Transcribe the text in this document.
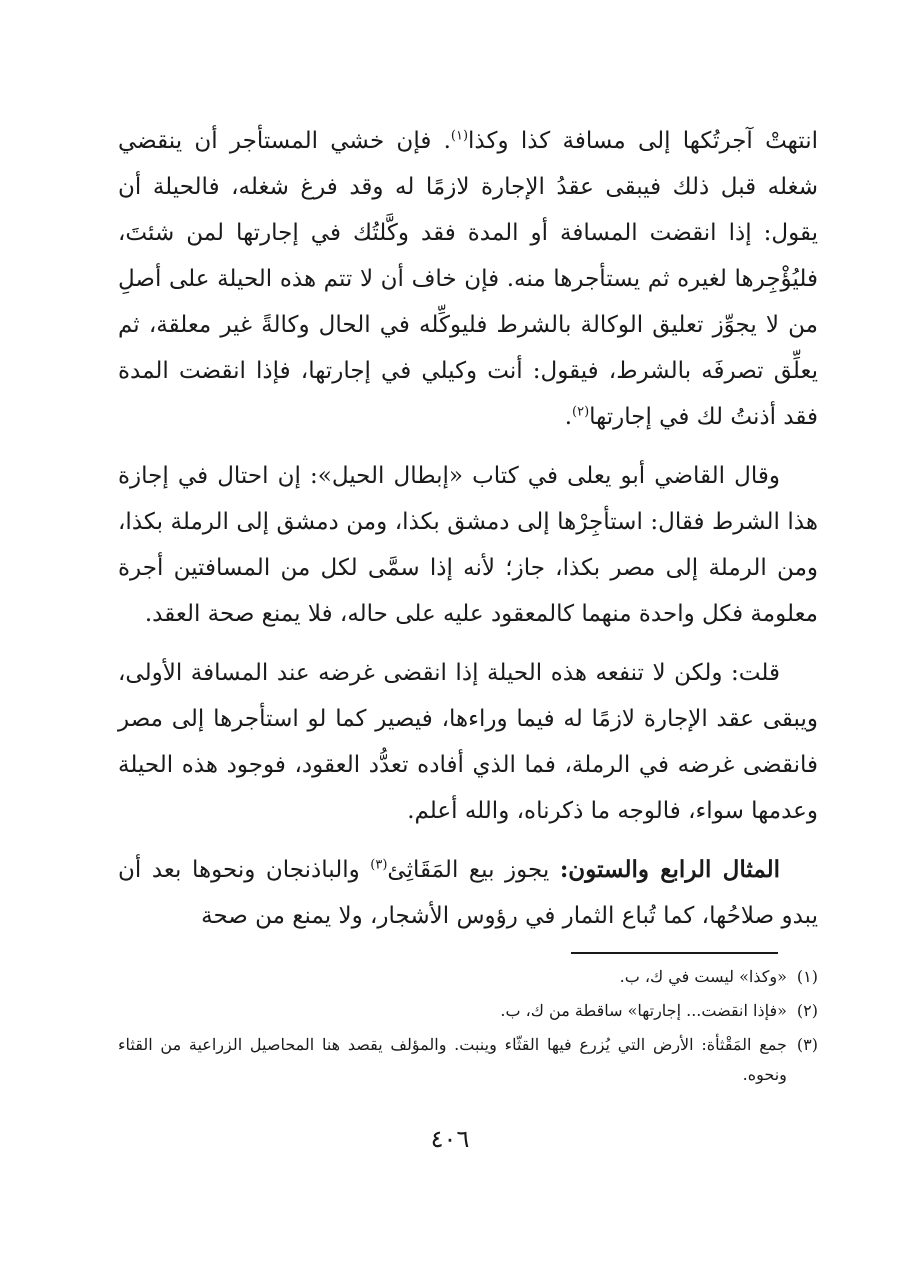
انتهتْ آجرتُكها إلى مسافة كذا وكذا$^{(١)}$. فإن خشي المستأجر أن ينقضي شغله قبل ذلك فيبقى عقدُ الإجارة لازمًا له وقد فرغ شغله، فالحيلة أن يقول: إذا انقضت المسافة أو المدة فقد وكَّلتُك في إجارتها لمن شئتَ، فليُؤْجِرها لغيره ثم يستأجرها منه. فإن خاف أن لا تتم هذه الحيلة على أصلِ من لا يجوِّز تعليق الوكالة بالشرط فليوكِّله في الحال وكالةً غير معلقة، ثم يعلِّق تصرفَه بالشرط، فيقول: أنت وكيلي في إجارتها، فإذا انقضت المدة فقد أذنتُ لك في إجارتها$^{(٢)}$.

وقال القاضي أبو يعلى في كتاب «إبطال الحيل»: إن احتال في إجازة هذا الشرط فقال: استأجِرْها إلى دمشق بكذا، ومن دمشق إلى الرملة بكذا، ومن الرملة إلى مصر بكذا، جاز؛ لأنه إذا سمَّى لكل من المسافتين أجرة معلومة فكل واحدة منهما كالمعقود عليه على حاله، فلا يمنع صحة العقد.

قلت: ولكن لا تنفعه هذه الحيلة إذا انقضى غرضه عند المسافة الأولى، ويبقى عقد الإجارة لازمًا له فيما وراءها، فيصير كما لو استأجرها إلى مصر فانقضى غرضه في الرملة، فما الذي أفاده تعدُّد العقود، فوجود هذه الحيلة وعدمها سواء، فالوجه ما ذكرناه، والله أعلم.

المثال الرابع والستون: يجوز بيع المَقَاثِئ$^{(٣)}$ والباذنجان ونحوها بعد أن يبدو صلاحُها، كما تُباع الثمار في رؤوس الأشجار، ولا يمنع من صحة

(١)
«وكذا» ليست في ك، ب.
(٢)
«فإذا انقضت... إجارتها» ساقطة من ك، ب.
(٣)
جمع المَقْثأة: الأرض التي يُزرع فيها القثّاء وينبت. والمؤلف يقصد هنا المحاصيل الزراعية من القثاء ونحوه.
٤٠٦
